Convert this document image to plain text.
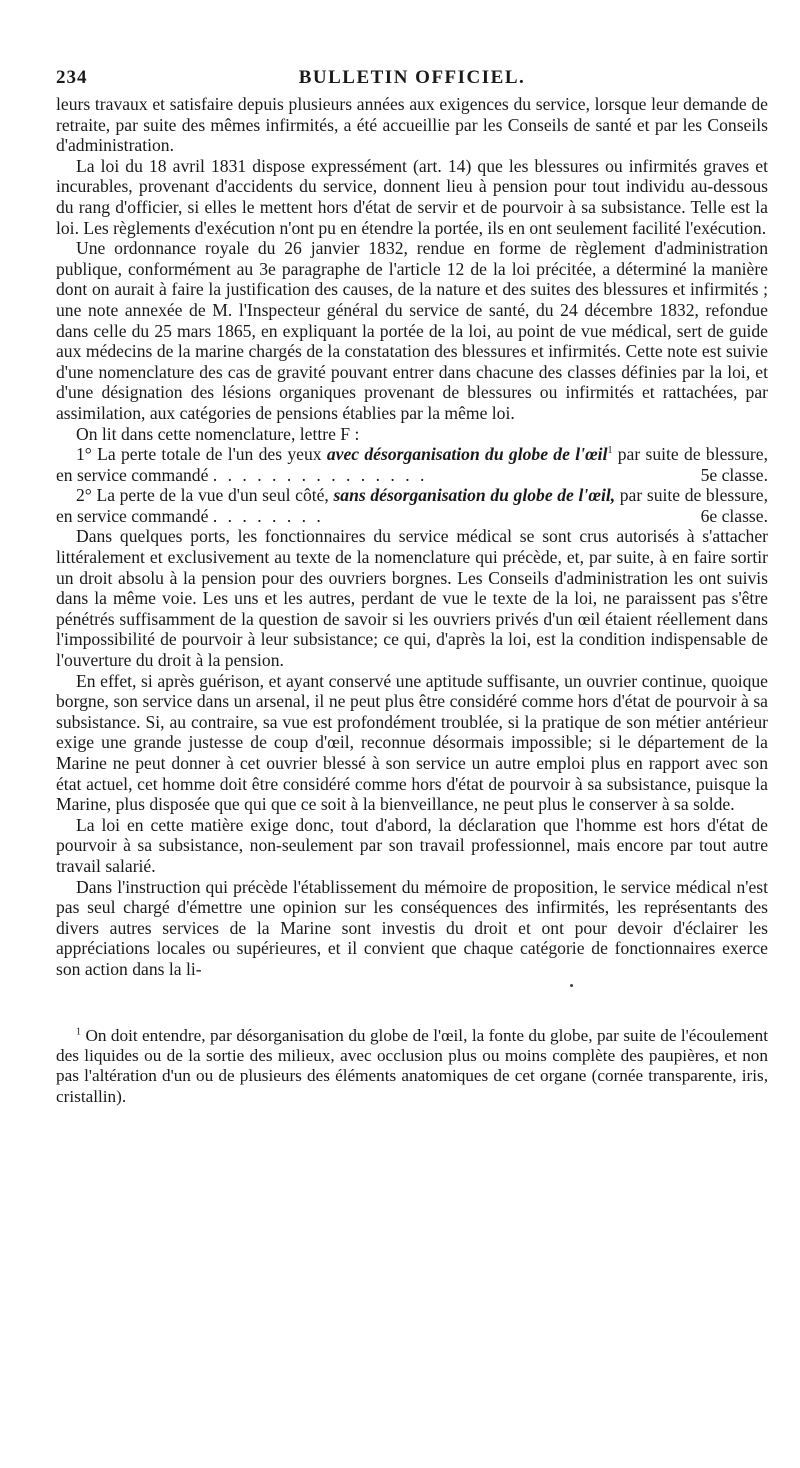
234	BULLETIN OFFICIEL.

leurs travaux et satisfaire depuis plusieurs années aux exigences du service, lorsque leur demande de retraite, par suite des mêmes infirmités, a été accueillie par les Conseils de santé et par les Conseils d'administration.

La loi du 18 avril 1831 dispose expressément (art. 14) que les blessures ou infirmités graves et incurables, provenant d'accidents du service, donnent lieu à pension pour tout individu au-dessous du rang d'officier, si elles le mettent hors d'état de servir et de pourvoir à sa subsistance. Telle est la loi. Les règlements d'exécution n'ont pu en étendre la portée, ils en ont seulement facilité l'exécution.

Une ordonnance royale du 26 janvier 1832, rendue en forme de règlement d'administration publique, conformément au 3e paragraphe de l'article 12 de la loi précitée, a déterminé la manière dont on aurait à faire la justification des causes, de la nature et des suites des blessures et infirmités ; une note annexée de M. l'Inspecteur général du service de santé, du 24 décembre 1832, refondue dans celle du 25 mars 1865, en expliquant la portée de la loi, au point de vue médical, sert de guide aux médecins de la marine chargés de la constatation des blessures et infirmités. Cette note est suivie d'une nomenclature des cas de gravité pouvant entrer dans chacune des classes définies par la loi, et d'une désignation des lésions organiques provenant de blessures ou infirmités et rattachées, par assimilation, aux catégories de pensions établies par la même loi.

On lit dans cette nomenclature, lettre F :

1° La perte totale de l'un des yeux avec désorganisation du globe de l'œil$^1$ par suite de blessure, en service commandé . . . . . . . . . . . . . . .	5e classe.
2° La perte de la vue d'un seul côté, sans désorganisation du globe de l'œil, par suite de blessure, en service commandé . . . . . . . .	6e classe.

Dans quelques ports, les fonctionnaires du service médical se sont crus autorisés à s'attacher littéralement et exclusivement au texte de la nomenclature qui précède, et, par suite, à en faire sortir un droit absolu à la pension pour des ouvriers borgnes. Les Conseils d'administration les ont suivis dans la même voie. Les uns et les autres, perdant de vue le texte de la loi, ne paraissent pas s'être pénétrés suffisamment de la question de savoir si les ouvriers privés d'un œil étaient réellement dans l'impossibilité de pourvoir à leur subsistance; ce qui, d'après la loi, est la condition indispensable de l'ouverture du droit à la pension.

En effet, si après guérison, et ayant conservé une aptitude suffisante, un ouvrier continue, quoique borgne, son service dans un arsenal, il ne peut plus être considéré comme hors d'état de pourvoir à sa subsistance. Si, au contraire, sa vue est profondément troublée, si la pratique de son métier antérieur exige une grande justesse de coup d'œil, reconnue désormais impossible; si le département de la Marine ne peut donner à cet ouvrier blessé à son service un autre emploi plus en rapport avec son état actuel, cet homme doit être considéré comme hors d'état de pourvoir à sa subsistance, puisque la Marine, plus disposée que qui que ce soit à la bienveillance, ne peut plus le conserver à sa solde.

La loi en cette matière exige donc, tout d'abord, la déclaration que l'homme est hors d'état de pourvoir à sa subsistance, non-seulement par son travail professionnel, mais encore par tout autre travail salarié.

Dans l'instruction qui précède l'établissement du mémoire de proposition, le service médical n'est pas seul chargé d'émettre une opinion sur les conséquences des infirmités, les représentants des divers autres services de la Marine sont investis du droit et ont pour devoir d'éclairer les appréciations locales ou supérieures, et il convient que chaque catégorie de fonctionnaires exerce son action dans la li-

$^1$ On doit entendre, par désorganisation du globe de l'œil, la fonte du globe, par suite de l'écoulement des liquides ou de la sortie des milieux, avec occlusion plus ou moins complète des paupières, et non pas l'altération d'un ou de plusieurs des éléments anatomiques de cet organe (cornée transparente, iris, cristallin).
